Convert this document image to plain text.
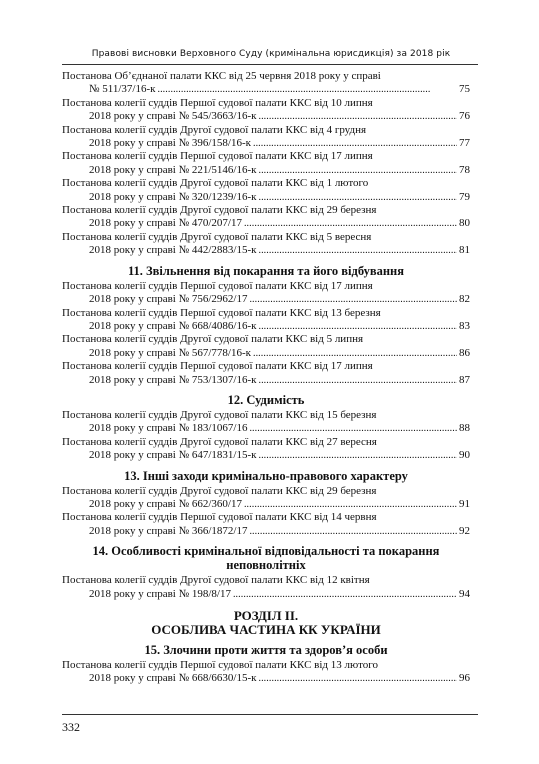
Правові висновки Верховного Суду (кримінальна юрисдикція) за 2018 рік
Постанова Об’єднаної палати ККС від 25 червня 2018 року у справі
№ 511/37/16-к . . .	75
Постанова колегії суддів Першої судової палати ККС від 10 липня
2018 року у справі № 545/3663/16-к . . .	76
Постанова колегії суддів Другої судової палати ККС від 4 грудня
2018 року у справі № 396/158/16-к . . .	77
Постанова колегії суддів Першої судової палати ККС від 17 липня
2018 року у справі № 221/5146/16-к . . .	78
Постанова колегії суддів Другої судової палати ККС від 1 лютого
2018 року у справі № 320/1239/16-к . . .	79
Постанова колегії суддів Другої судової палати ККС від 29 березня
2018 року у справі № 470/207/17 . . .	80
Постанова колегії суддів Другої судової палати ККС від 5 вересня
2018 року у справі № 442/2883/15-к . . .	81
11. Звільнення від покарання та його відбування
Постанова колегії суддів Першої судової палати ККС від 17 липня
2018 року у справі № 756/2962/17 . . .	82
Постанова колегії суддів Першої судової палати ККС від 13 березня
2018 року у справі № 668/4086/16-к . . .	83
Постанова колегії суддів Другої судової палати ККС від 5 липня
2018 року у справі № 567/778/16-к . . .	86
Постанова колегії суддів Першої судової палати ККС від 17 липня
2018 року у справі № 753/1307/16-к . . .	87
12. Судимість
Постанова колегії суддів Другої судової палати ККС від 15 березня
2018 року у справі № 183/1067/16 . . .	88
Постанова колегії суддів Другої судової палати ККС від 27 вересня
2018 року у справі № 647/1831/15-к . . .	90
13. Інші заходи кримінально-правового характеру
Постанова колегії суддів Другої судової палати ККС від 29 березня
2018 року у справі № 662/360/17 . . .	91
Постанова колегії суддів Першої судової палати ККС від 14 червня
2018 року у справі № 366/1872/17 . . .	92
14. Особливості кримінальної відповідальності та покарання неповнолітніх
Постанова колегії суддів Другої судової палати ККС від 12 квітня
2018 року у справі № 198/8/17 . . .	94
РОЗДІЛ ІІ.
ОСОБЛИВА ЧАСТИНА КК УКРАЇНИ
15. Злочини проти життя та здоров’я особи
Постанова колегії суддів Першої судової палати ККС від 13 лютого
2018 року у справі № 668/6630/15-к . . .	96
332
